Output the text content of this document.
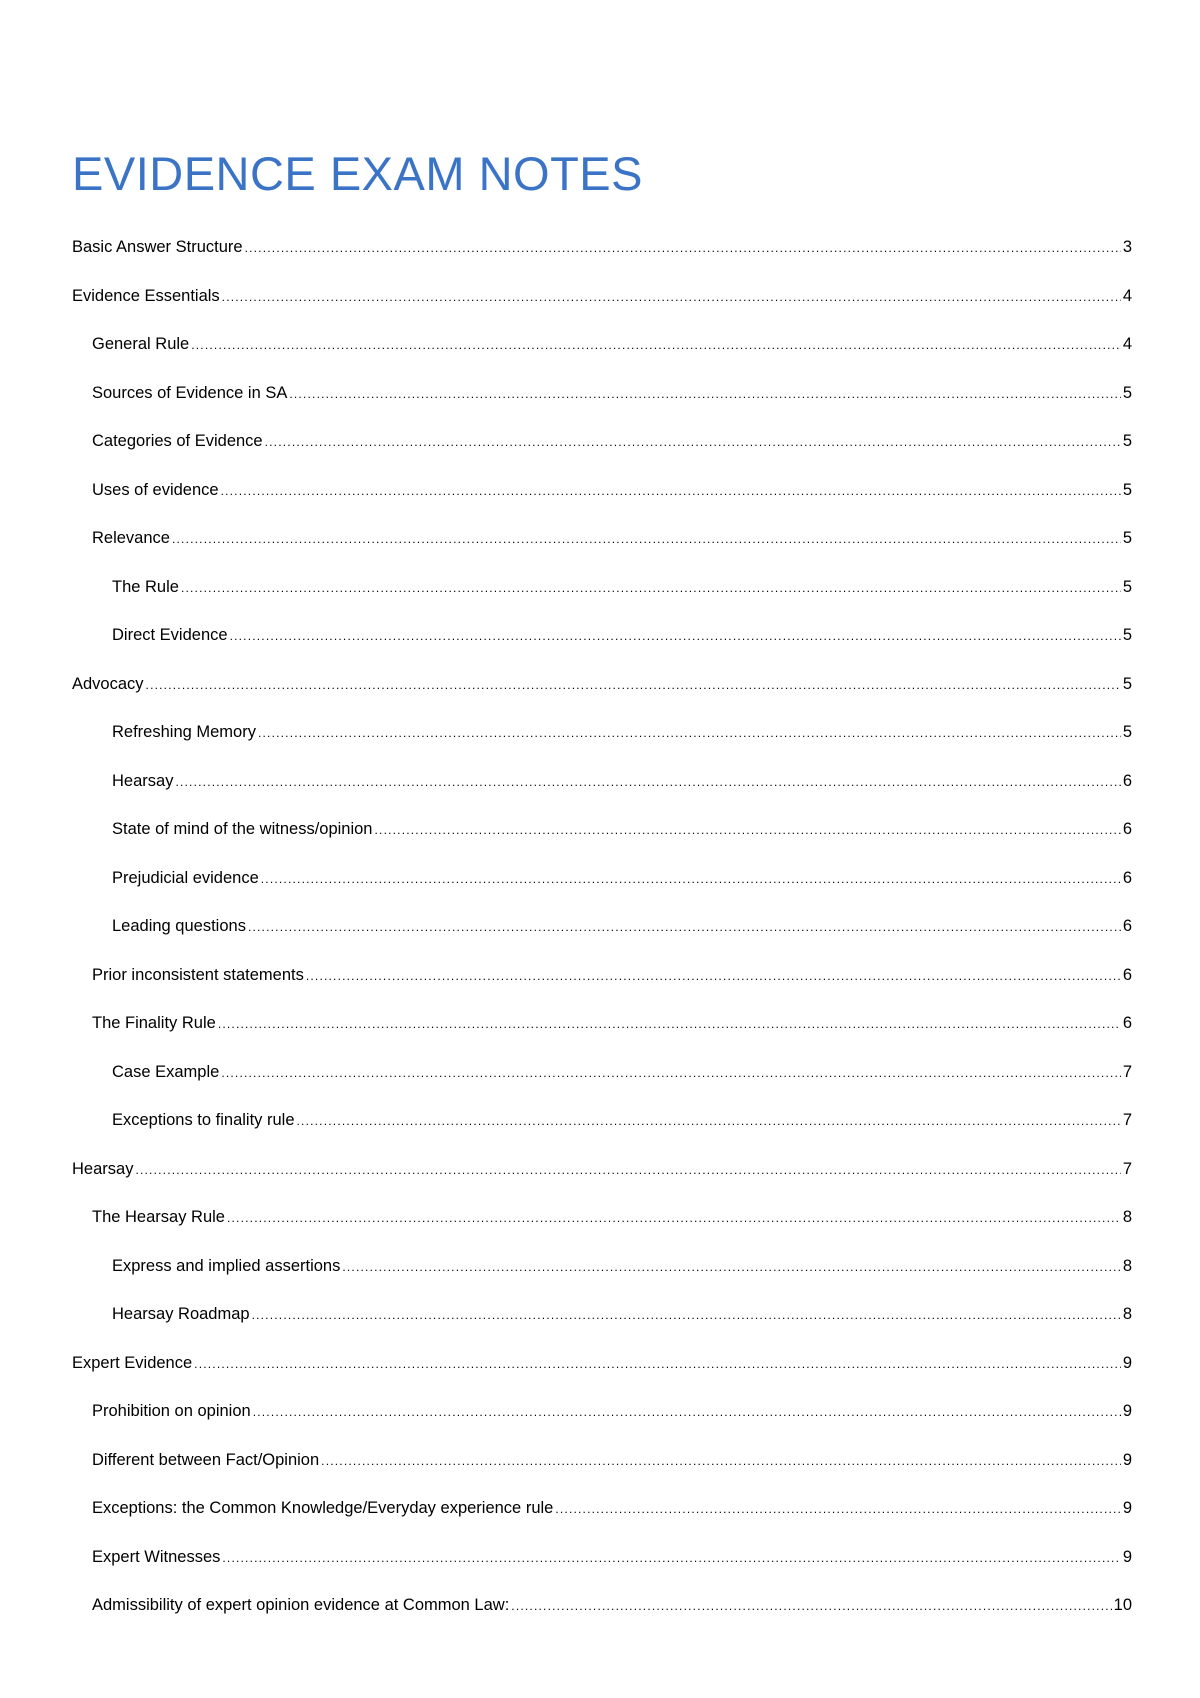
EVIDENCE EXAM NOTES
Basic Answer Structure .....	3
Evidence Essentials .....	4
General Rule .....	4
Sources of Evidence in SA .....	5
Categories of Evidence .....	5
Uses of evidence .....	5
Relevance .....	5
The Rule .....	5
Direct Evidence .....	5
Advocacy .....	5
Refreshing Memory .....	5
Hearsay .....	6
State of mind of the witness/opinion .....	6
Prejudicial evidence .....	6
Leading questions .....	6
Prior inconsistent statements .....	6
The Finality Rule .....	6
Case Example .....	7
Exceptions to finality rule .....	7
Hearsay .....	7
The Hearsay Rule .....	8
Express and implied assertions .....	8
Hearsay Roadmap .....	8
Expert Evidence .....	9
Prohibition on opinion .....	9
Different between Fact/Opinion .....	9
Exceptions: the Common Knowledge/Everyday experience rule .....	9
Expert Witnesses .....	9
Admissibility of expert opinion evidence at Common Law: .....	10
